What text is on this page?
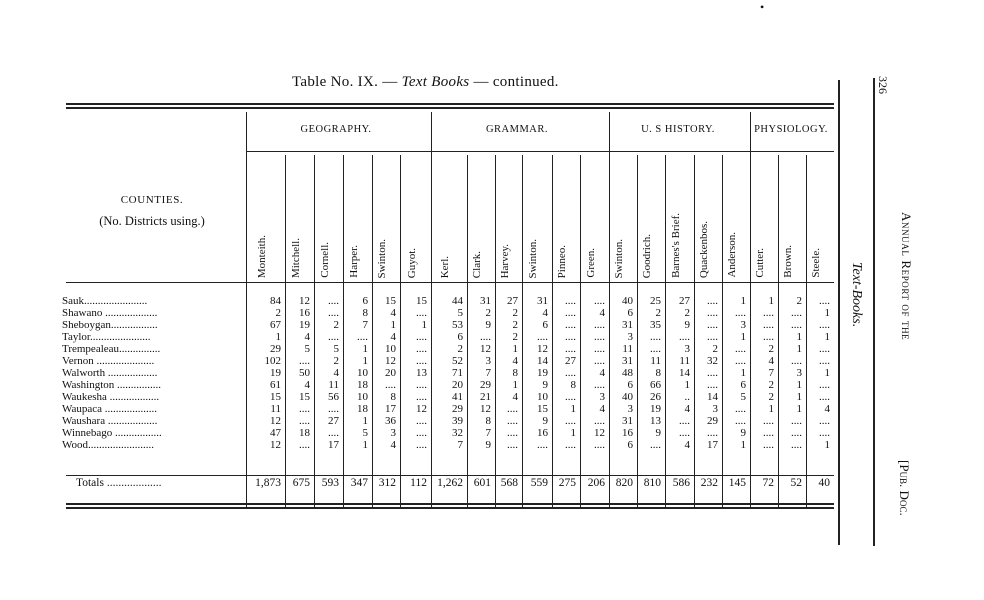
•
Table No. IX. — Text Books — continued.
COUNTIES.
(No. Districts using.)
GEOGRAPHY.	GRAMMAR.	U. S HISTORY.	PHYSIOLOGY.
Monteith.	Mitchell.	Cornell.	Harper.	Swinton.	Guyot.	Kerl.	Clark.	Harvey.	Swinton.	Pinneo.	Green.	Swinton.	Goodrich.	Barnes's Brief.	Quackenbos.	Anderson.	Cutter.	Brown.	Steele.
Sauk.......................	84	12	....	6	15	15	44	31	27	31	....	....	40	25	27	....	1	1	2	....
Shawano ...................	2	16	....	8	4	....	5	2	2	4	....	4	6	2	2	....	....	....	....	1
Sheboygan.................	67	19	2	7	1	1	53	9	2	6	....	....	31	35	9	....	3	....	....	....
Taylor......................	1	4	....	....	4	....	6	....	2	....	....	....	3	....	....	....	1	....	1	1
Trempealeau...............	29	5	5	1	10	....	2	12	1	12	....	....	11	....	3	2	....	2	1	....
Vernon .....................	102	....	2	1	12	....	52	3	4	14	27	....	31	11	11	32	....	4	....	....
Walworth ..................	19	50	4	10	20	13	71	7	8	19	....	4	48	8	14	....	1	7	3	1
Washington ................	61	4	11	18	....	....	20	29	1	9	8	....	6	66	1	....	6	2	1	....
Waukesha ..................	15	15	56	10	8	....	41	21	4	10	....	3	40	26	..	14	5	2	1	....
Waupaca ...................	11	....	....	18	17	12	29	12	....	15	1	4	3	19	4	3	....	1	1	4
Waushara ..................	12	....	27	1	36	....	39	8	....	9	....	....	31	13	....	29	....	....	....	....
Winnebago .................	47	18	....	5	3	....	32	7	....	16	1	12	16	9	....	....	9	....	....	....
Wood........................	12	....	17	1	4	....	7	9	....	....	....	....	6	....	4	17	1	....	....	1
Totals ...................	1,873	675	593	347 312	112 1,262 601 568	559 275	206 820 810	586 232 145	72	52	40
326
Annual Report of the
Text-Books.
[Pub. Doc.
